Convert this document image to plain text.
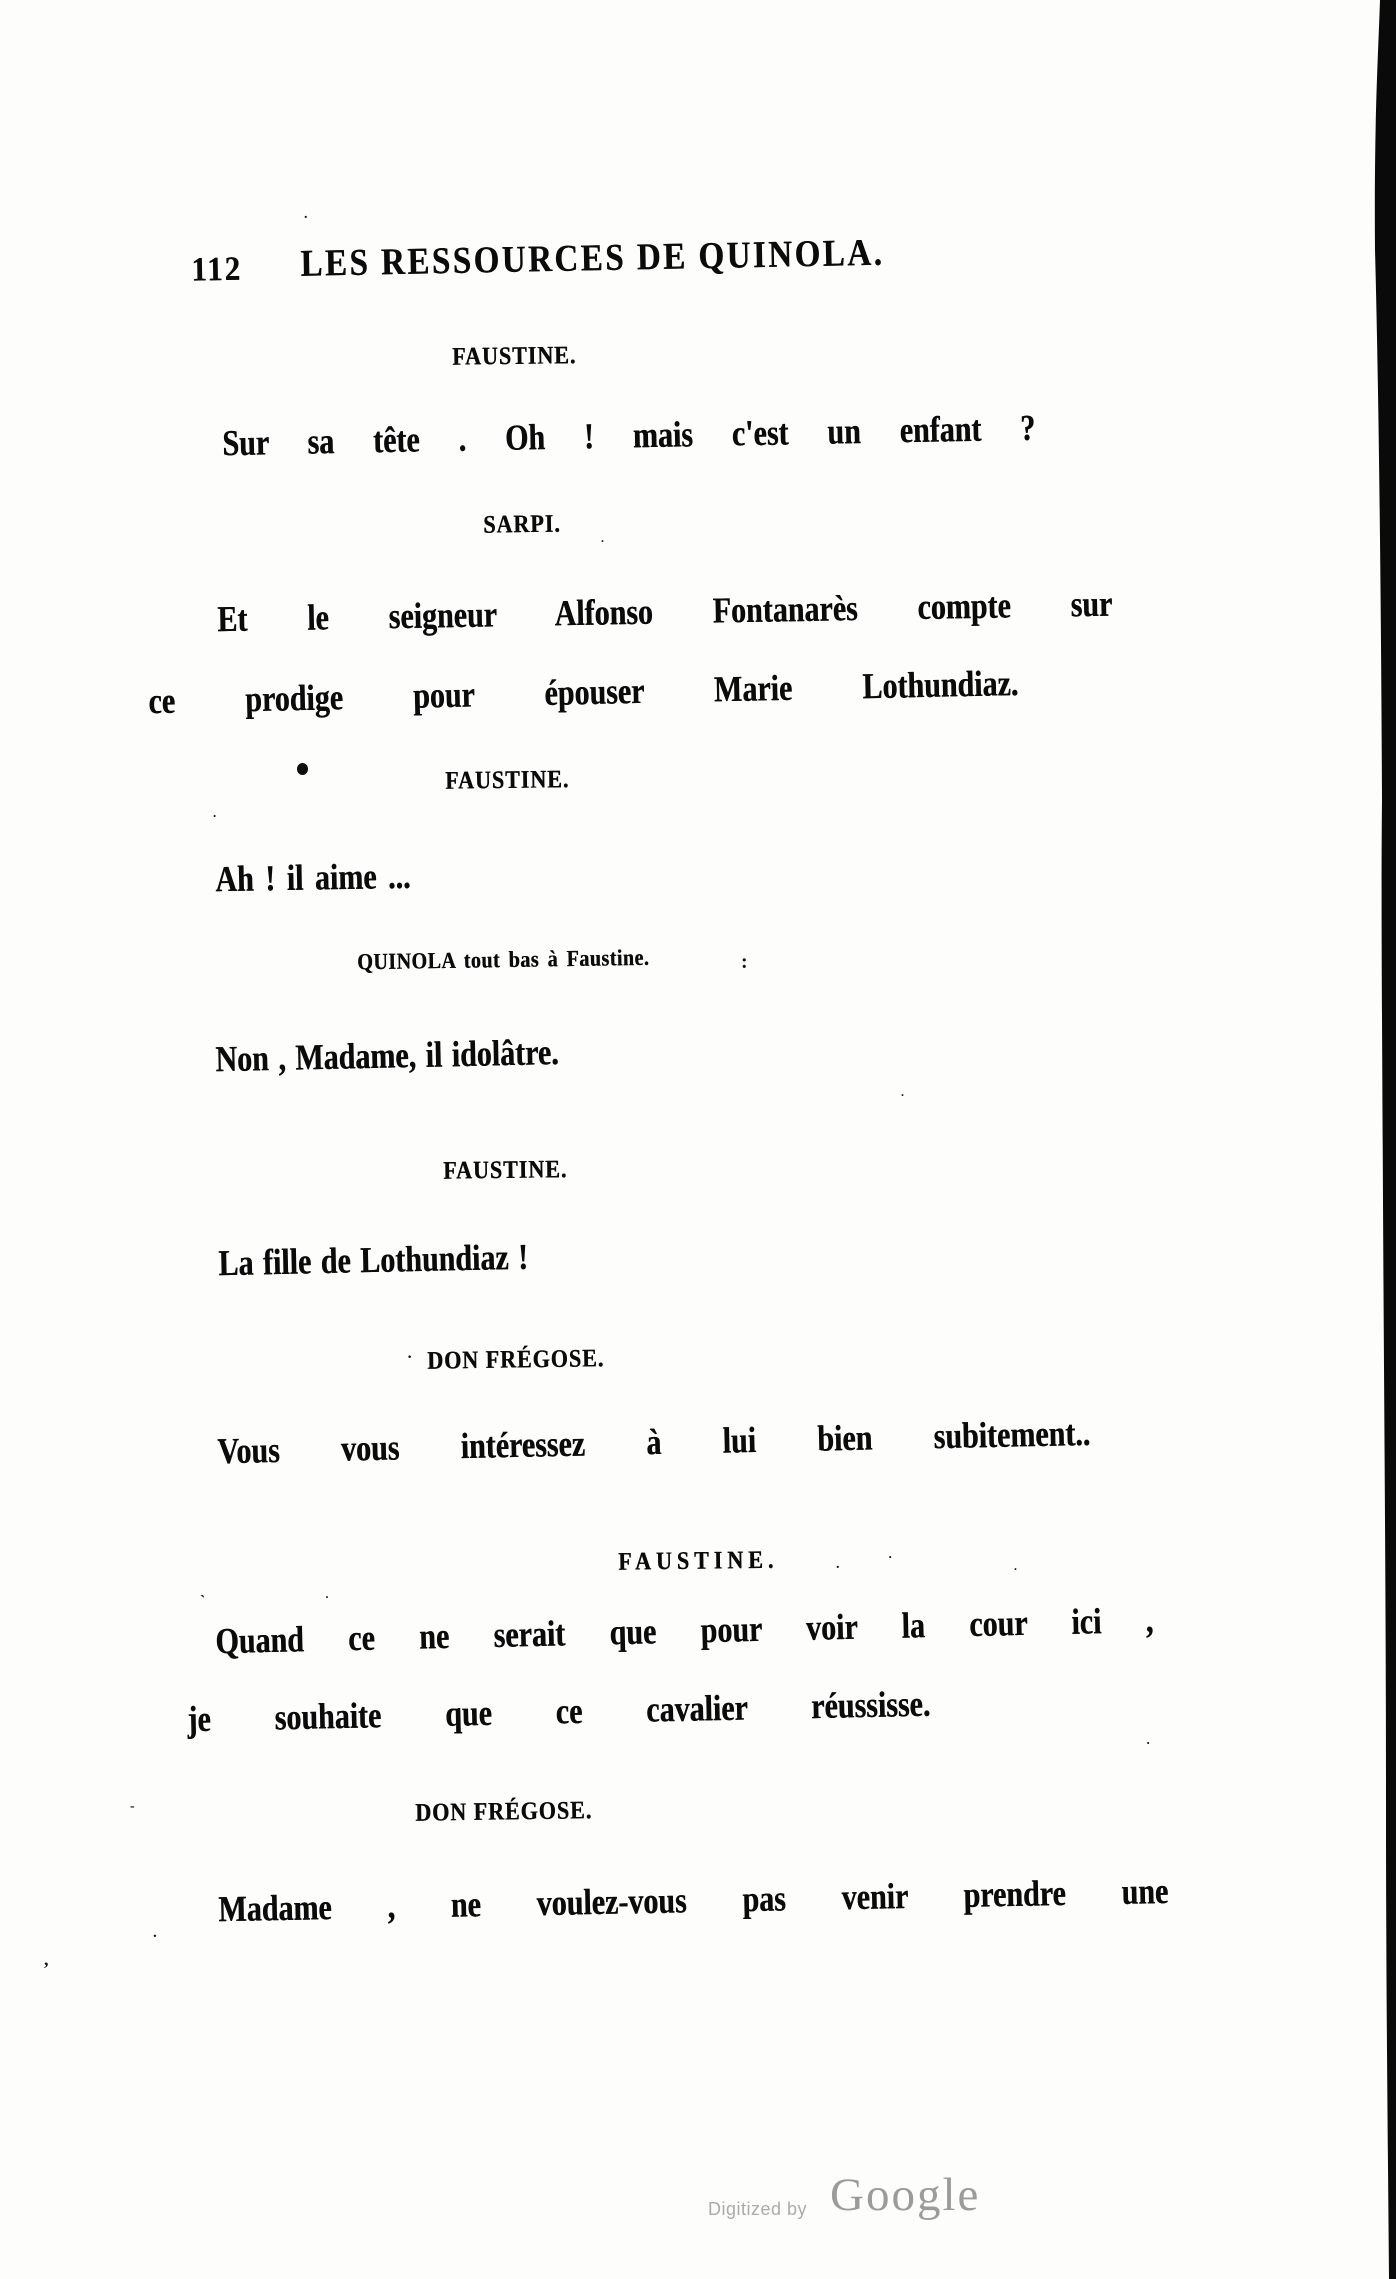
112 LES RESSOURCES DE QUINOLA.
FAUSTINE.
Sur sa tête . Oh ! mais c'est un enfant ?
SARPI.
Et le seigneur Alfonso Fontanarès compte sur
ce prodige pour épouser Marie Lothundiaz.
FAUSTINE.
Ah ! il aime ...
QUINOLA tout bas à Faustine.
Non , Madame, il idolâtre.
FAUSTINE.
La fille de Lothundiaz !
DON FRÉGOSE.
Vous vous intéressez à lui bien subitement..
FAUSTINE.
Quand ce ne serait que pour voir la cour ici ,
je souhaite que ce cavalier réussisse.
DON FRÉGOSE.
Madame , ne voulez-vous pas venir prendre une
.
.
.
:
·
.
·
.
`	·
-
.
,
·
.
Digitized by Google
